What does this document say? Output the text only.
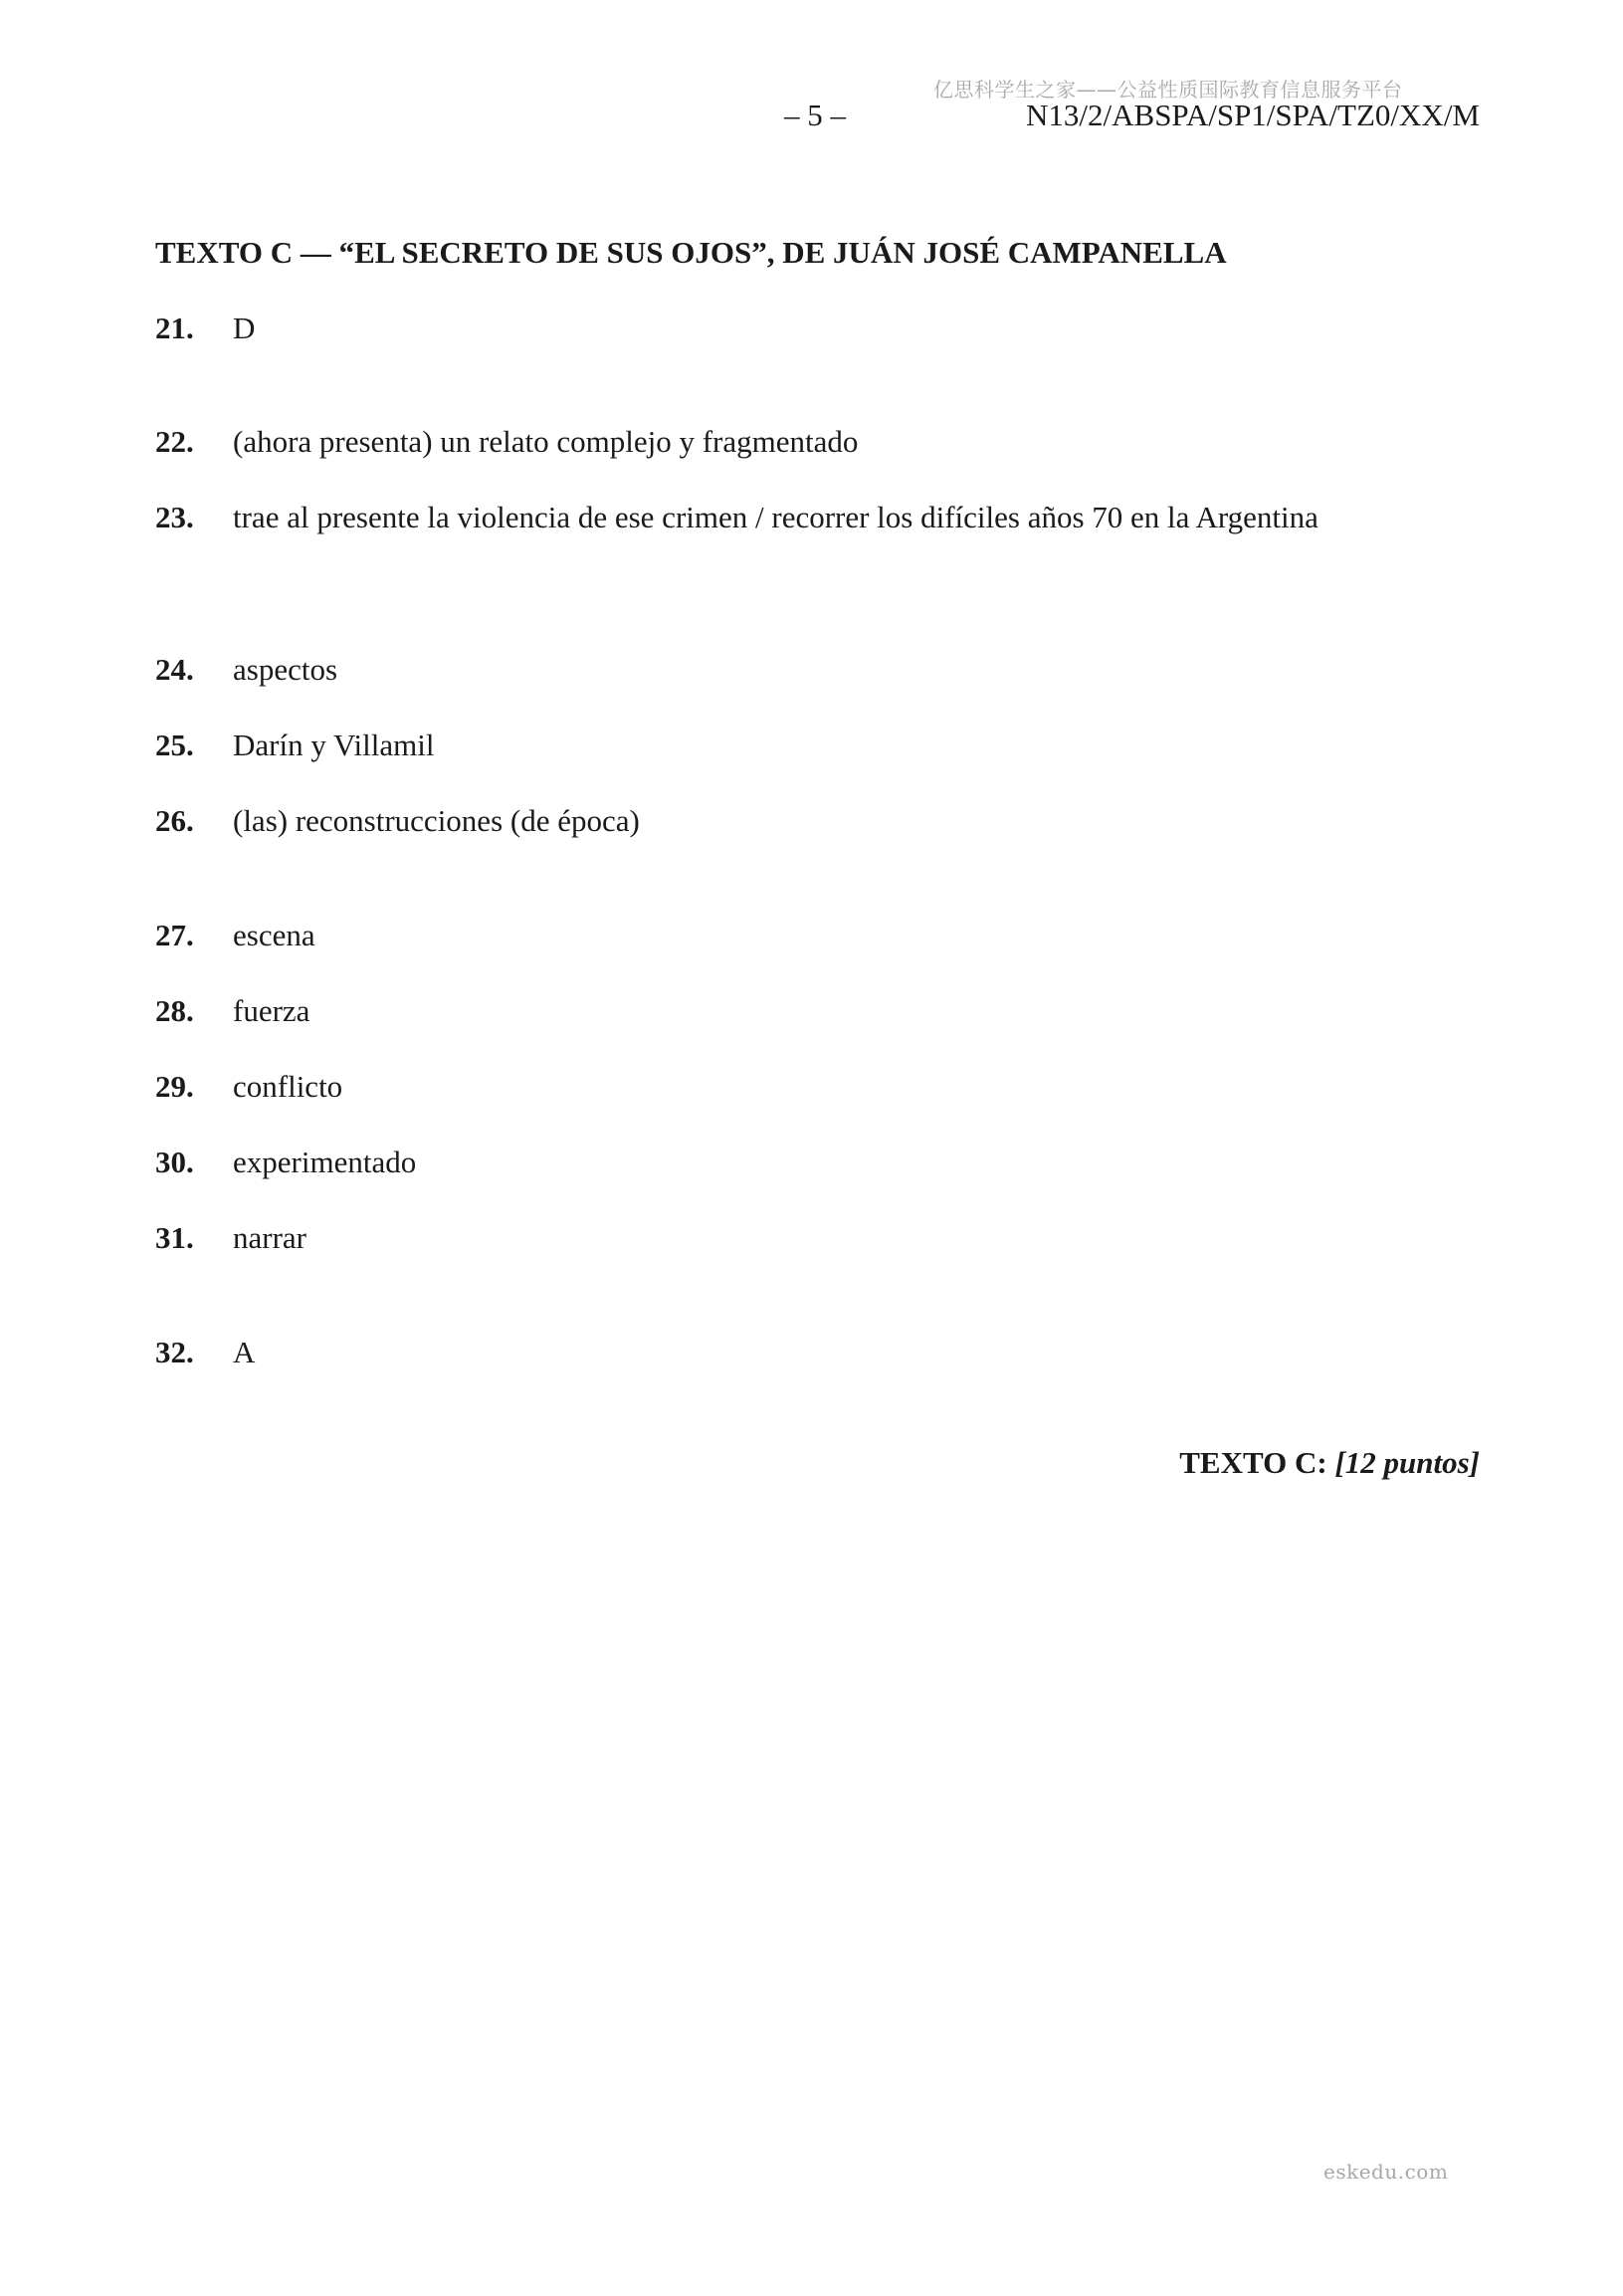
亿思科学生之家——公益性质国际教育信息服务平台
– 5 –	N13/2/ABSPA/SP1/SPA/TZ0/XX/M
TEXTO C — “EL SECRETO DE SUS OJOS”, DE JUÁN JOSÉ CAMPANELLA
21.	D
22.	(ahora presenta) un relato complejo y fragmentado
23.	trae al presente la violencia de ese crimen / recorrer los difíciles años 70 en la Argentina
24.	aspectos
25.	Darín y Villamil
26.	(las) reconstrucciones (de época)
27.	escena
28.	fuerza
29.	conflicto
30.	experimentado
31.	narrar
32.	A
TEXTO C: [12 puntos]
eskedu.com
